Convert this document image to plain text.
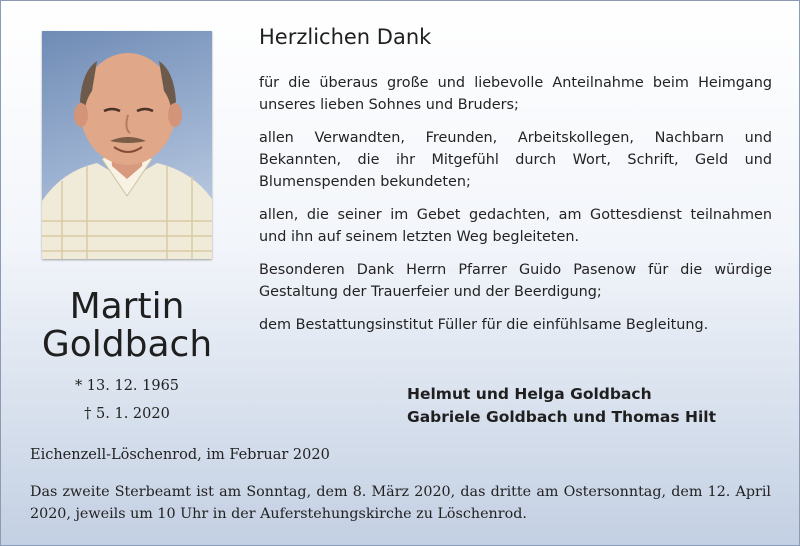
Martin
Goldbach
* 13. 12. 1965
† 5. 1. 2020
Herzlichen Dank

für die überaus große und liebevolle Anteilnahme beim Heimgang unseres lieben Sohnes und Bruders;

allen Verwandten, Freunden, Arbeitskollegen, Nachbarn und Bekannten, die ihr Mitgefühl durch Wort, Schrift, Geld und Blumenspenden bekundeten;

allen, die seiner im Gebet gedachten, am Gottesdienst teilnahmen und ihn auf seinem letzten Weg begleiteten.

Besonderen Dank Herrn Pfarrer Guido Pasenow für die würdige Gestaltung der Trauerfeier und der Beerdigung;

dem Bestattungsinstitut Füller für die einfühlsame Begleitung.

Helmut und Helga Goldbach
Gabriele Goldbach und Thomas Hilt
Eichenzell-Löschenrod, im Februar 2020
Das zweite Sterbeamt ist am Sonntag, dem 8. März 2020, das dritte am Ostersonntag, dem 12. April 2020, jeweils um 10 Uhr in der Auferstehungskirche zu Löschenrod.
